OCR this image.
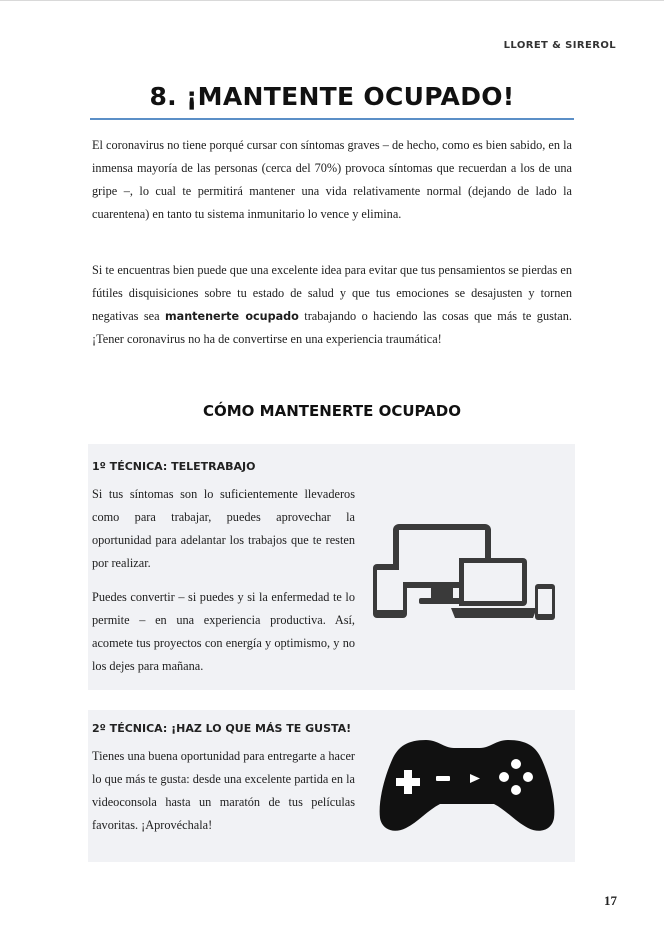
LLORET & SIREROL
8. ¡MANTENTE OCUPADO!

El coronavirus no tiene porqué cursar con síntomas graves – de hecho, como es bien sabido, en la inmensa mayoría de las personas (cerca del 70%) provoca síntomas que recuerdan a los de una gripe –, lo cual te permitirá mantener una vida relativamente normal (dejando de lado la cuarentena) en tanto tu sistema inmunitario lo vence y elimina.

Si te encuentras bien puede que una excelente idea para evitar que tus pensamientos se pierdas en fútiles disquisiciones sobre tu estado de salud y que tus emociones se desajusten y tornen negativas sea mantenerte ocupado trabajando o haciendo las cosas que más te gustan. ¡Tener coronavirus no ha de convertirse en una experiencia traumática!

CÓMO MANTENERTE OCUPADO
1º TÉCNICA: TELETRABAJO

Si tus síntomas son lo suficientemente llevaderos como para trabajar, puedes aprovechar la oportunidad para adelantar los trabajos que te resten por realizar.

Puedes convertir – si puedes y si la enfermedad te lo permite – en una experiencia productiva. Así, acomete tus proyectos con energía y optimismo, y no los dejes para mañana.

2º TÉCNICA: ¡HAZ LO QUE MÁS TE GUSTA!

Tienes una buena oportunidad para entregarte a hacer lo que más te gusta: desde una excelente partida en la videoconsola hasta un maratón de tus películas favoritas. ¡Aprovéchala!

17
